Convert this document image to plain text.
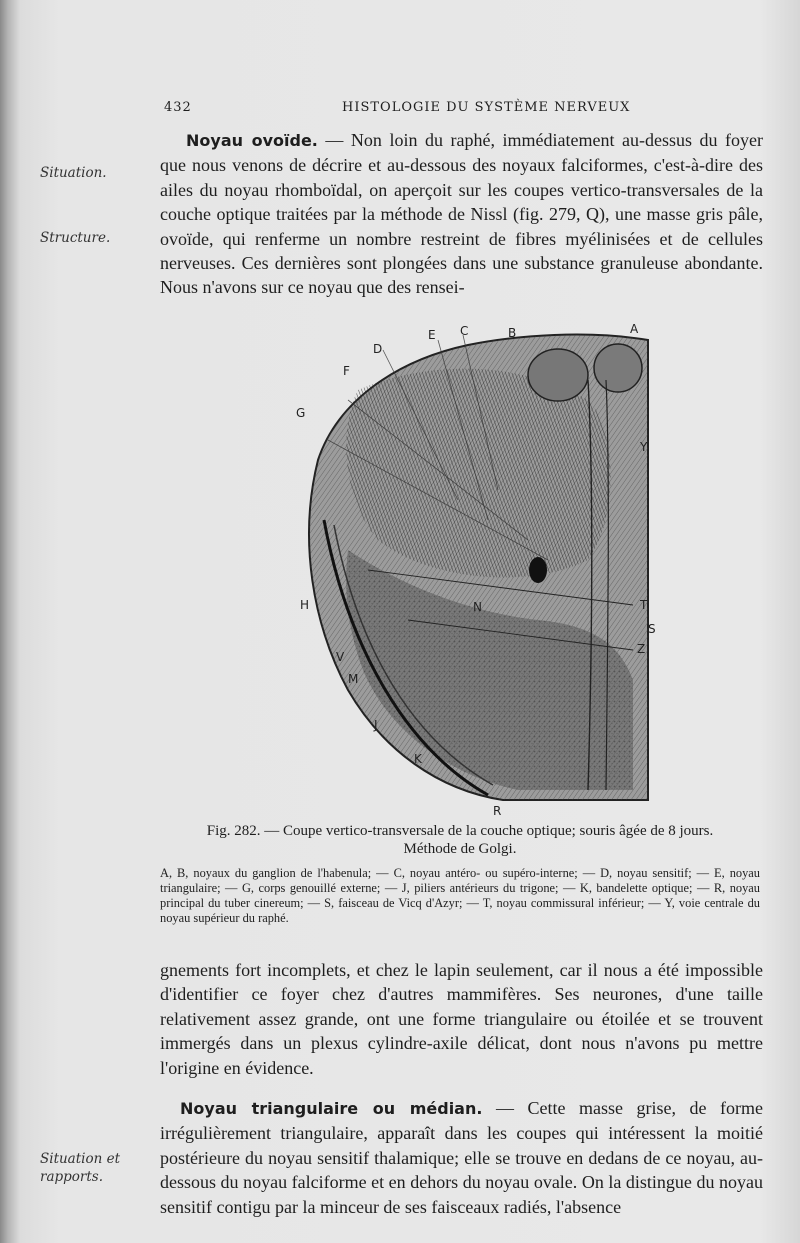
432	HISTOLOGIE DU SYSTÈME NERVEUX
Situation.
Structure.
Noyau ovoïde. — Non loin du raphé, immédiatement au-dessus du foyer que nous venons de décrire et au-dessous des noyaux falciformes, c'est-à-dire des ailes du noyau rhomboïdal, on aperçoit sur les coupes vertico-transversales de la couche optique traitées par la méthode de Nissl (fig. 279, Q), une masse gris pâle, ovoïde, qui renferme un nombre restreint de fibres myélinisées et de cellules nerveuses. Ces dernières sont plongées dans une substance granuleuse abondante. Nous n'avons sur ce noyau que des rensei-
E C	B	A
D
F
G
Y
H	N	T
S
Z
V
M
J
K
R
Fig. 282. — Coupe vertico-transversale de la couche optique; souris âgée de 8 jours.
Méthode de Golgi.
A, B, noyaux du ganglion de l'habenula; — C, noyau antéro- ou supéro-interne; — D, noyau sensitif; — E, noyau triangulaire; — G, corps genouillé externe; — J, piliers antérieurs du trigone; — K, bandelette optique; — R, noyau principal du tuber cinereum; — S, faisceau de Vicq d'Azyr; — T, noyau commissural inférieur; — Y, voie centrale du noyau supérieur du raphé.
gnements fort incomplets, et chez le lapin seulement, car il nous a été impossible d'identifier ce foyer chez d'autres mammifères. Ses neurones, d'une taille relativement assez grande, ont une forme triangulaire ou étoilée et se trouvent immergés dans un plexus cylindre-axile délicat, dont nous n'avons pu mettre l'origine en évidence.
Noyau triangulaire ou médian. — Cette masse grise, de forme irrégulièrement triangulaire, apparaît dans les coupes qui intéressent la moitié postérieure du noyau sensitif thalamique; elle se trouve en dedans de ce noyau, au-dessous du noyau falciforme et en dehors du noyau ovale. On la distingue du noyau sensitif contigu par la minceur de ses faisceaux radiés, l'absence
Situation et
rapports.
